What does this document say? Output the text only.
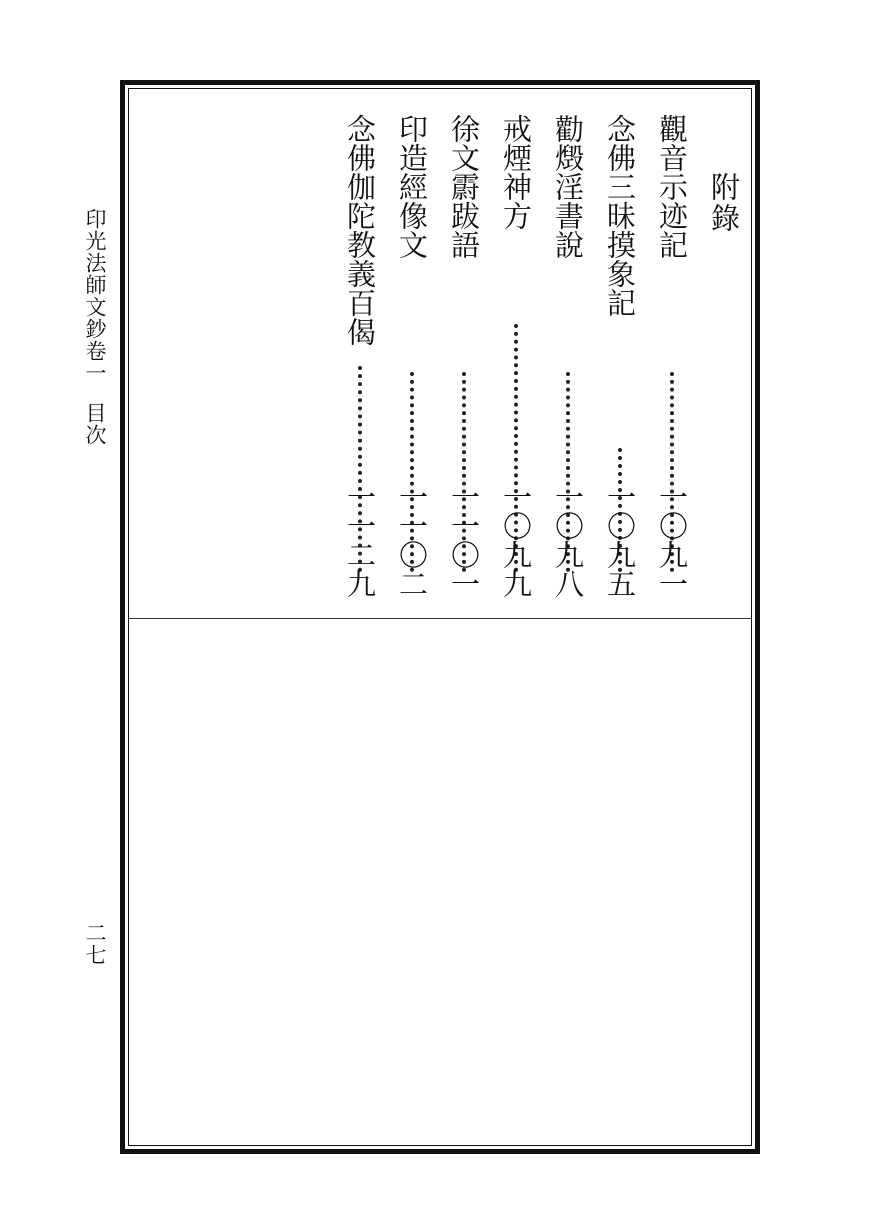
印光法師文鈔卷一目次
二七
附錄
觀音示迹記
一〇九一
念佛三昧摸象記
一〇九五
勸燬淫書說
一〇九八
戒煙神方
一〇九九
徐文霨跋語
一一〇一
印造經像文
一一〇二
念佛伽陀教義百偈
一一二九
